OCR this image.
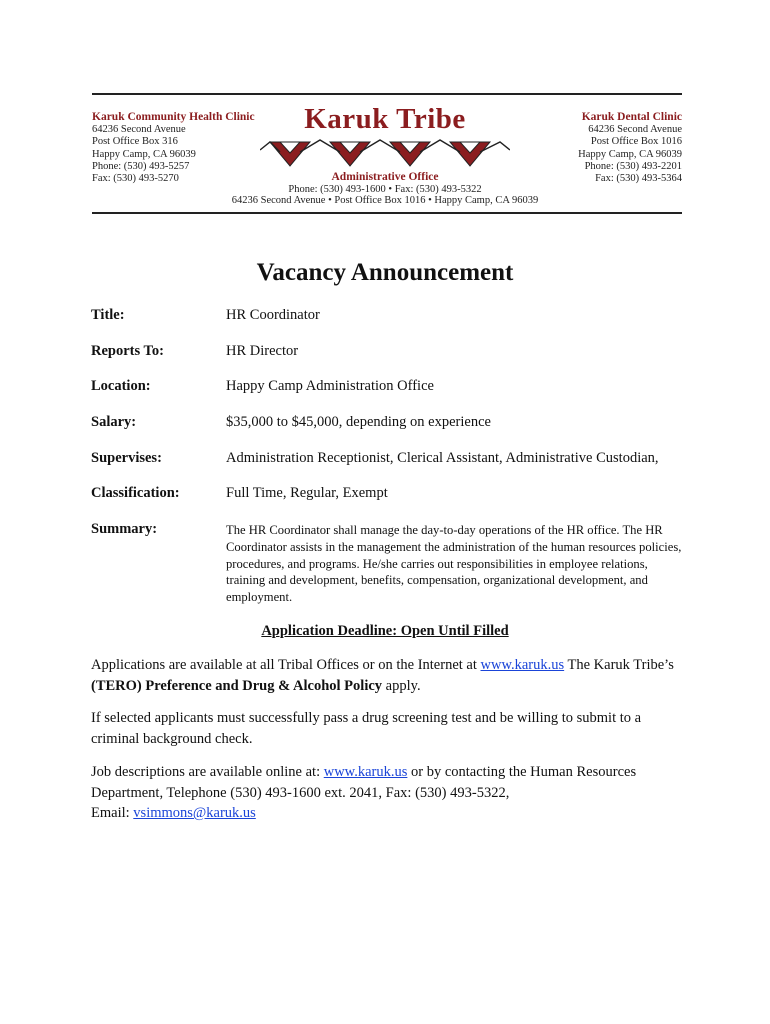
Karuk Community Health Clinic
64236 Second Avenue
Post Office Box 316
Happy Camp, CA 96039
Phone: (530) 493-5257
Fax: (530) 493-5270
Karuk Tribe
Administrative Office
Phone: (530) 493-1600 • Fax: (530) 493-5322
64236 Second Avenue • Post Office Box 1016 • Happy Camp, CA 96039
Karuk Dental Clinic
64236 Second Avenue
Post Office Box 1016
Happy Camp, CA 96039
Phone: (530) 493-2201
Fax: (530) 493-5364
Vacancy Announcement
Title:	HR Coordinator
Reports To:	HR Director
Location:	Happy Camp Administration Office
Salary:	$35,000 to $45,000, depending on experience
Supervises:	Administration Receptionist, Clerical Assistant, Administrative Custodian,
Classification:	Full Time, Regular, Exempt
Summary:	The HR Coordinator shall manage the day-to-day operations of the HR office. The HR Coordinator assists in the management the administration of the human resources policies, procedures, and programs. He/she carries out responsibilities in employee relations, training and development, benefits, compensation, organizational development, and employment.
Application Deadline: Open Until Filled
Applications are available at all Tribal Offices or on the Internet at www.karuk.us The Karuk Tribe’s (TERO) Preference and Drug & Alcohol Policy apply.
If selected applicants must successfully pass a drug screening test and be willing to submit to a criminal background check.
Job descriptions are available online at: www.karuk.us or by contacting the Human Resources Department, Telephone (530) 493-1600 ext. 2041, Fax: (530) 493-5322,
Email: vsimmons@karuk.us
